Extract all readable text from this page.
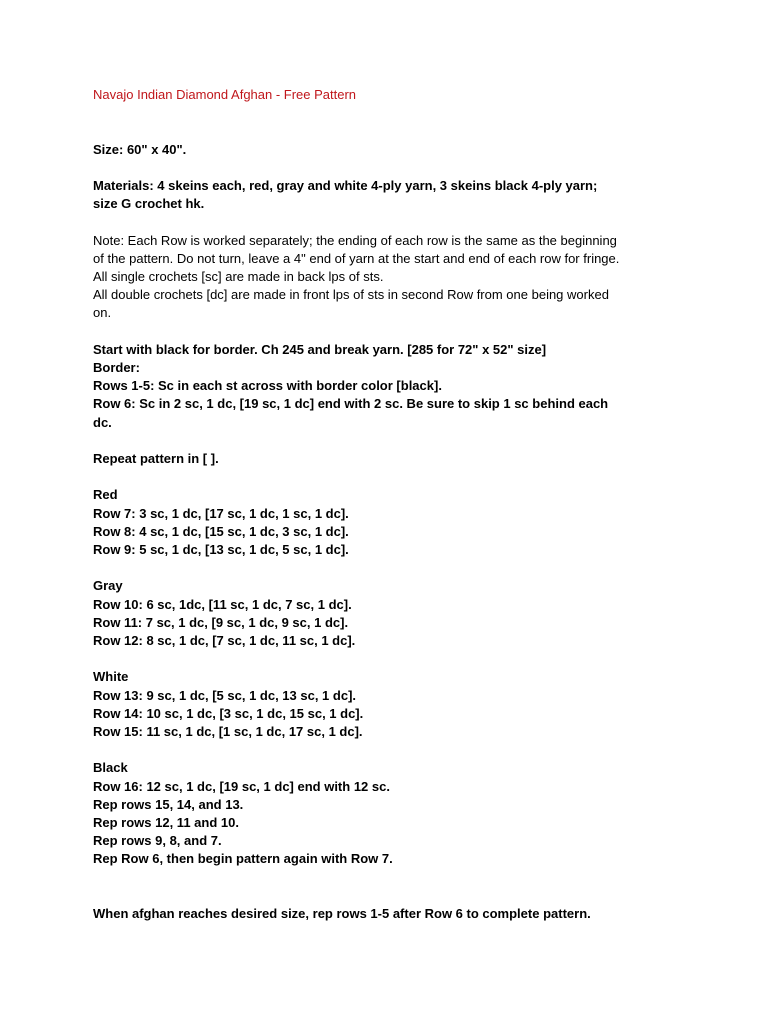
Navajo Indian Diamond Afghan - Free Pattern

Size: 60" x 40".

Materials: 4 skeins each, red, gray and white 4-ply yarn, 3 skeins black 4-ply yarn;
size G crochet hk.
Note: Each Row is worked separately; the ending of each row is the same as the beginning
of the pattern. Do not turn, leave a 4" end of yarn at the start and end of each row for fringe.
All single crochets [sc] are made in back lps of sts.
All double crochets [dc] are made in front lps of sts in second Row from one being worked
on.
Start with black for border. Ch 245 and break yarn. [285 for 72" x 52" size]
Border:
Rows 1-5: Sc in each st across with border color [black].
Row 6: Sc in 2 sc, 1 dc, [19 sc, 1 dc] end with 2 sc. Be sure to skip 1 sc behind each
dc.

Repeat pattern in [ ].

Red
Row 7: 3 sc, 1 dc, [17 sc, 1 dc, 1 sc, 1 dc].
Row 8: 4 sc, 1 dc, [15 sc, 1 dc, 3 sc, 1 dc].
Row 9: 5 sc, 1 dc, [13 sc, 1 dc, 5 sc, 1 dc].
Gray
Row 10: 6 sc, 1dc, [11 sc, 1 dc, 7 sc, 1 dc].
Row 11: 7 sc, 1 dc, [9 sc, 1 dc, 9 sc, 1 dc].
Row 12: 8 sc, 1 dc, [7 sc, 1 dc, 11 sc, 1 dc].
White
Row 13: 9 sc, 1 dc, [5 sc, 1 dc, 13 sc, 1 dc].
Row 14: 10 sc, 1 dc, [3 sc, 1 dc, 15 sc, 1 dc].
Row 15: 11 sc, 1 dc, [1 sc, 1 dc, 17 sc, 1 dc].
Black
Row 16: 12 sc, 1 dc, [19 sc, 1 dc] end with 12 sc.
Rep rows 15, 14, and 13.
Rep rows 12, 11 and 10.
Rep rows 9, 8, and 7.
Rep Row 6, then begin pattern again with Row 7.

When afghan reaches desired size, rep rows 1-5 after Row 6 to complete pattern.
